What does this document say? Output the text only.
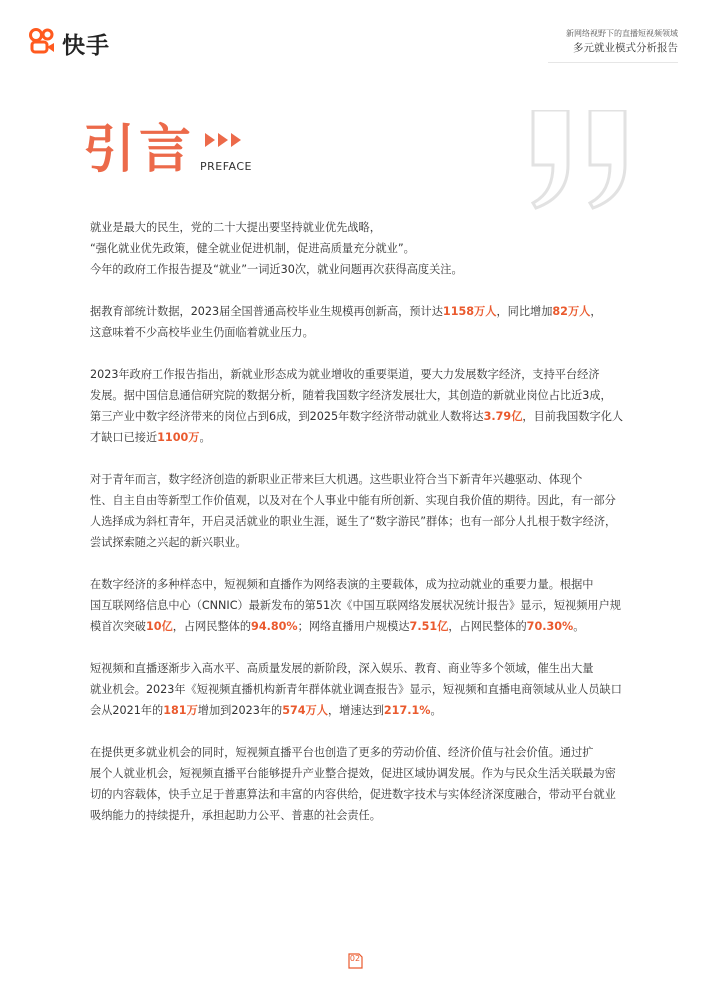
快手	新网络视野下的直播短视频领域
多元就业模式分析报告
引言 PREFACE

就业是最大的民生，党的二十大提出要坚持就业优先战略，

“强化就业优先政策，健全就业促进机制，促进高质量充分就业”。

今年的政府工作报告提及“就业”一词近30次，就业问题再次获得高度关注。

据教育部统计数据，2023届全国普通高校毕业生规模再创新高，预计达1158万人，同比增加82万人，

这意味着不少高校毕业生仍面临着就业压力。

2023年政府工作报告指出，新就业形态成为就业增收的重要渠道，要大力发展数字经济，支持平台经济

发展。据中国信息通信研究院的数据分析，随着我国数字经济发展壮大，其创造的新就业岗位占比近3成，

第三产业中数字经济带来的岗位占到6成，到2025年数字经济带动就业人数将达3.79亿，目前我国数字化人

才缺口已接近1100万。

对于青年而言，数字经济创造的新职业正带来巨大机遇。这些职业符合当下新青年兴趣驱动、体现个

性、自主自由等新型工作价值观，以及对在个人事业中能有所创新、实现自我价值的期待。因此，有一部分

人选择成为斜杠青年，开启灵活就业的职业生涯，诞生了“数字游民”群体；也有一部分人扎根于数字经济，

尝试探索随之兴起的新兴职业。

在数字经济的多种样态中，短视频和直播作为网络表演的主要载体，成为拉动就业的重要力量。根据中

国互联网络信息中心（CNNIC）最新发布的第51次《中国互联网络发展状况统计报告》显示，短视频用户规

模首次突破10亿，占网民整体的94.80%；网络直播用户规模达7.51亿，占网民整体的70.30%。

短视频和直播逐渐步入高水平、高质量发展的新阶段，深入娱乐、教育、商业等多个领域，催生出大量

就业机会。2023年《短视频直播机构新青年群体就业调查报告》显示，短视频和直播电商领域从业人员缺口

会从2021年的181万增加到2023年的574万人，增速达到217.1%。

在提供更多就业机会的同时，短视频直播平台也创造了更多的劳动价值、经济价值与社会价值。通过扩

展个人就业机会，短视频直播平台能够提升产业整合提效，促进区域协调发展。作为与民众生活关联最为密

切的内容载体，快手立足于普惠算法和丰富的内容供给，促进数字技术与实体经济深度融合，带动平台就业

吸纳能力的持续提升，承担起助力公平、普惠的社会责任。

02
